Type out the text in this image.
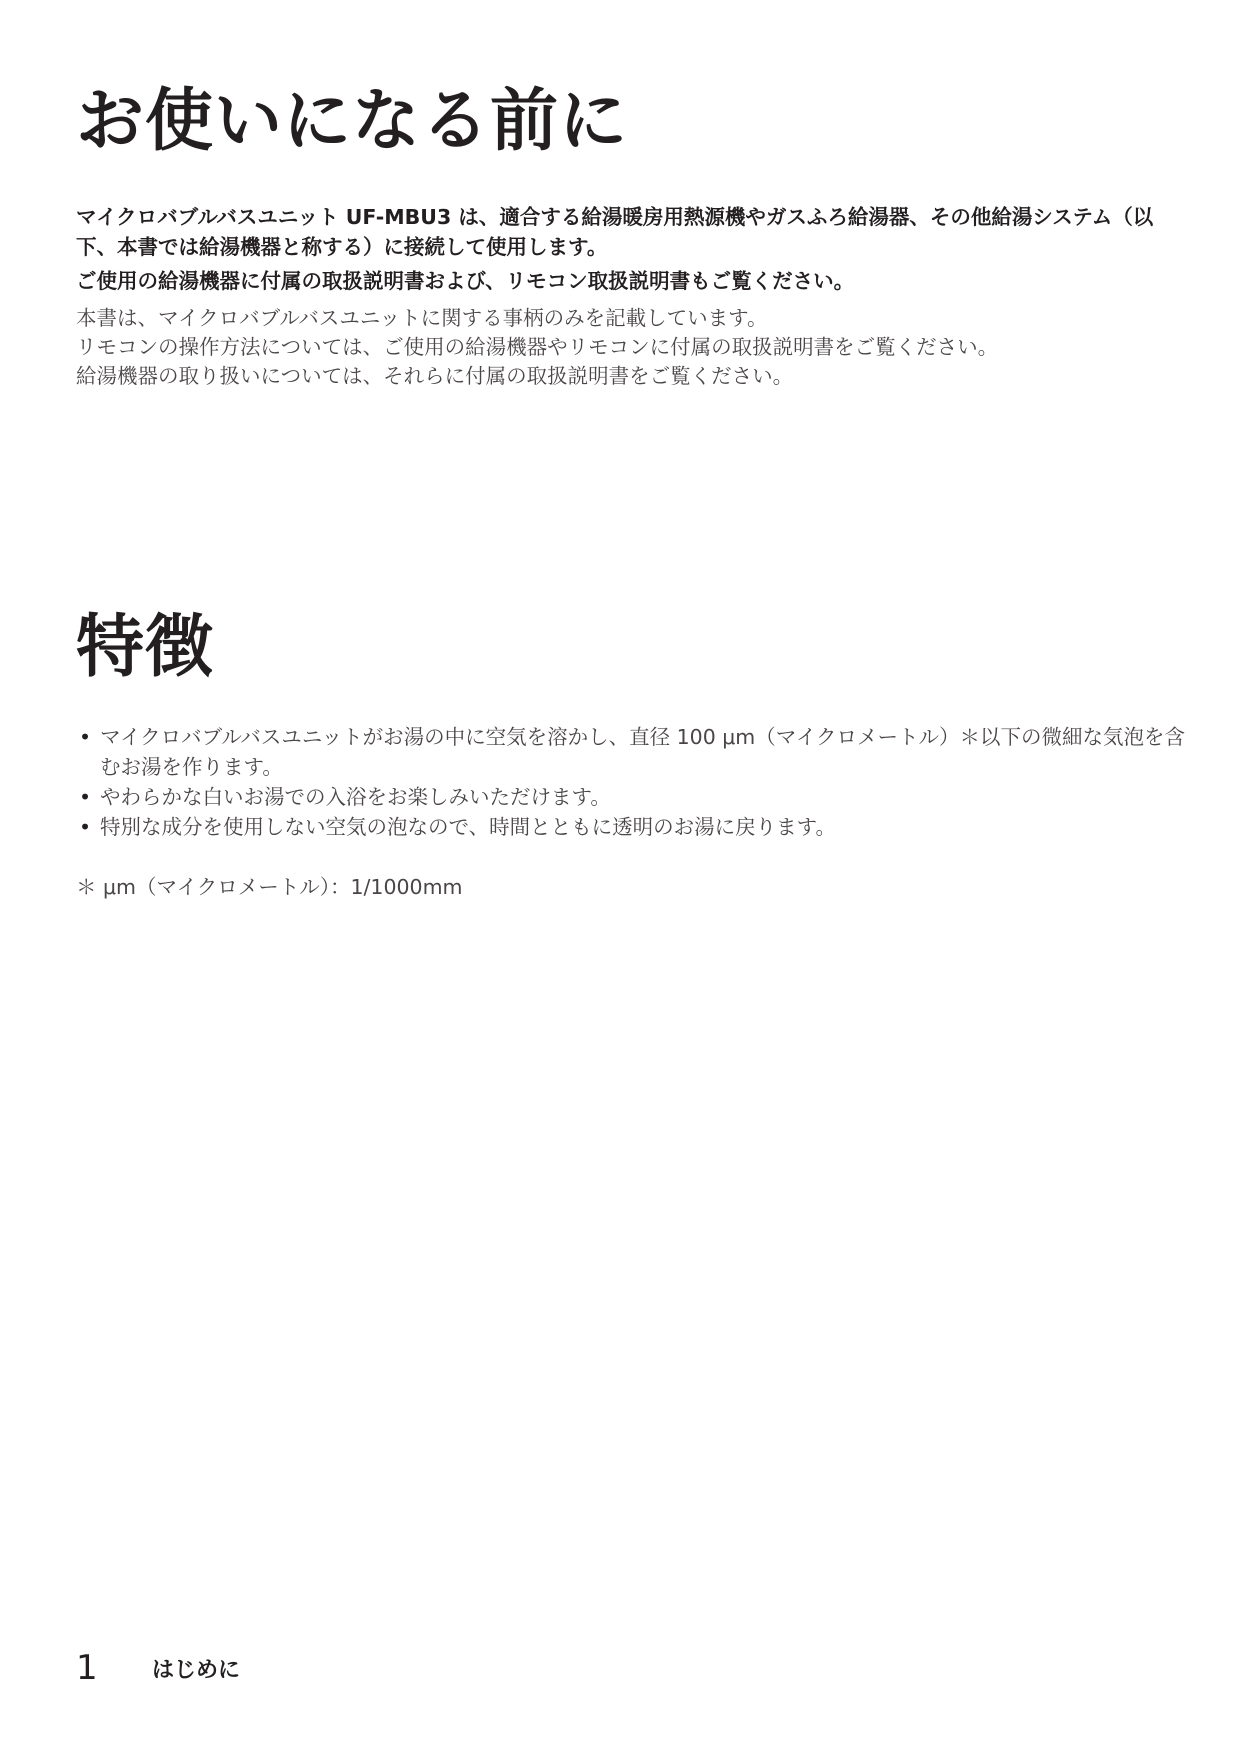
お使いになる前に

マイクロバブルバスユニット UF-MBU3 は、適合する給湯暖房用熱源機やガスふろ給湯器、その他給湯システム（以下、本書では給湯機器と称する）に接続して使用します。

ご使用の給湯機器に付属の取扱説明書および、リモコン取扱説明書もご覧ください。

本書は、マイクロバブルバスユニットに関する事柄のみを記載しています。

リモコンの操作方法については、ご使用の給湯機器やリモコンに付属の取扱説明書をご覧ください。

給湯機器の取り扱いについては、それらに付属の取扱説明書をご覧ください。

特徴
• マイクロバブルバスユニットがお湯の中に空気を溶かし、直径 100 μm（マイクロメートル）＊以下の微細な気泡を含むお湯を作ります。
• やわらかな白いお湯での入浴をお楽しみいただけます。
• 特別な成分を使用しない空気の泡なので、時間とともに透明のお湯に戻ります。

＊ μm（マイクロメートル）：1/1000mm

1 はじめに
